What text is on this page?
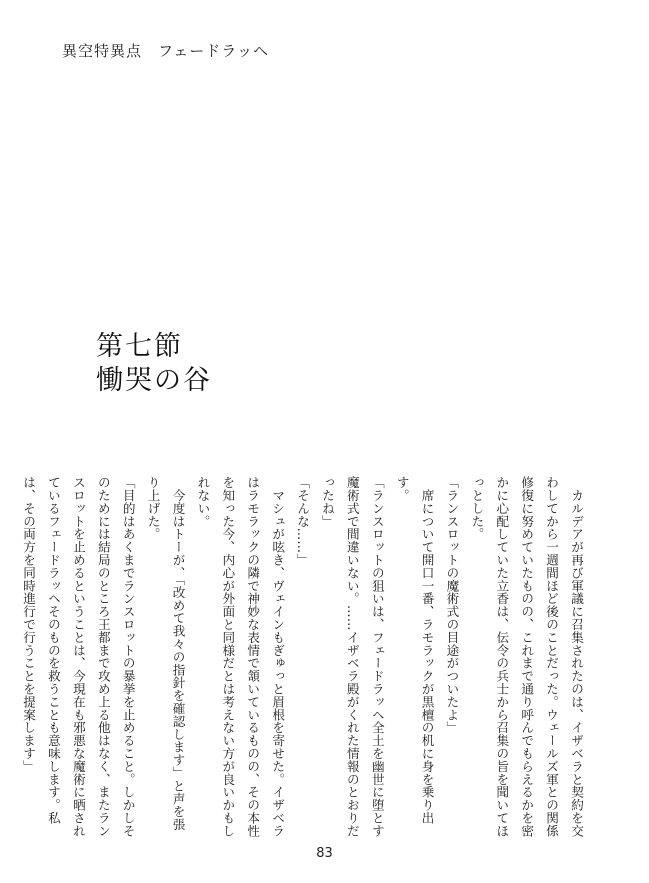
異空特異点　フェードラッヘ
第七節
慟哭の谷

　カルデアが再び軍議に召集されたのは、イザベラと契約を交わしてから一週間ほど後のことだった。ウェールズ軍との関係修復に努めていたものの、これまで通り呼んでもらえるかを密かに心配していた立香は、伝令の兵士から召集の旨を聞いてほっとした。

「ランスロットの魔術式の目途がついたよ」

　席について開口一番、ラモラックが黒檀の机に身を乗り出す。

「ランスロットの狙いは、フェードラッヘ全土を幽世に堕とす魔術式で間違いない。……イザベラ殿がくれた情報のとおりだったね」

「そんな……」

　マシュが呟き、ヴェインもぎゅっと眉根を寄せた。イザベラはラモラックの隣で神妙な表情で頷いているものの、その本性を知った今、内心が外面と同様だとは考えない方が良いかもしれない。

　今度はトーが、「改めて我々の指針を確認します」と声を張り上げた。

「目的はあくまでランスロットの暴挙を止めること。しかしそのためには結局のところ王都まで攻め上る他はなく、またランスロットを止めるということは、今現在も邪悪な魔術に晒されているフェードラッヘそのものを救うことも意味します。私は、その両方を同時進行で行うことを提案します」

83
